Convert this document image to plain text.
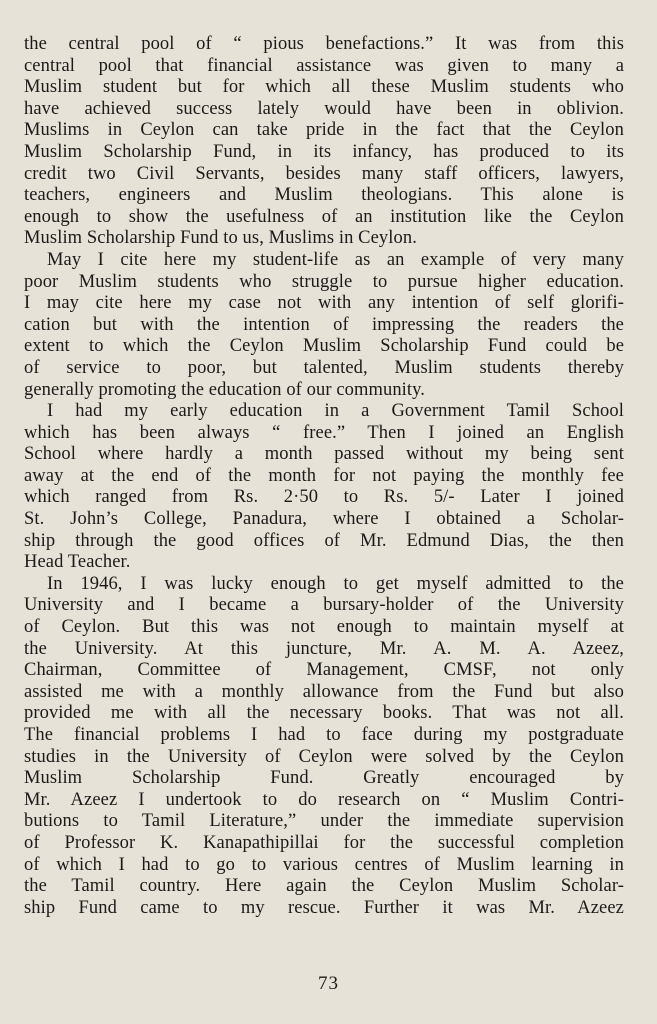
the central pool of “ pious benefactions.” It was from this
central pool that financial assistance was given to many a
Muslim student but for which all these Muslim students who
have achieved success lately would have been in oblivion.
Muslims in Ceylon can take pride in the fact that the Ceylon
Muslim Scholarship Fund, in its infancy, has produced to its
credit two Civil Servants, besides many staff officers, lawyers,
teachers, engineers and Muslim theologians. This alone is
enough to show the usefulness of an institution like the Ceylon
Muslim Scholarship Fund to us, Muslims in Ceylon.
May I cite here my student-life as an example of very many
poor Muslim students who struggle to pursue higher education.
I may cite here my case not with any intention of self glorifi-
cation but with the intention of impressing the readers the
extent to which the Ceylon Muslim Scholarship Fund could be
of service to poor, but talented, Muslim students thereby
generally promoting the education of our community.
I had my early education in a Government Tamil School
which has been always “ free.” Then I joined an English
School where hardly a month passed without my being sent
away at the end of the month for not paying the monthly fee
which ranged from Rs. 2·50 to Rs. 5/- Later I joined
St. John’s College, Panadura, where I obtained a Scholar-
ship through the good offices of Mr. Edmund Dias, the then
Head Teacher.
In 1946, I was lucky enough to get myself admitted to the
University and I became a bursary-holder of the University
of Ceylon. But this was not enough to maintain myself at
the University. At this juncture, Mr. A. M. A. Azeez,
Chairman, Committee of Management, CMSF, not only
assisted me with a monthly allowance from the Fund but also
provided me with all the necessary books. That was not all.
The financial problems I had to face during my postgraduate
studies in the University of Ceylon were solved by the Ceylon
Muslim Scholarship Fund. Greatly encouraged by
Mr. Azeez I undertook to do research on “ Muslim Contri-
butions to Tamil Literature,” under the immediate supervision
of Professor K. Kanapathipillai for the successful completion
of which I had to go to various centres of Muslim learning in
the Tamil country. Here again the Ceylon Muslim Scholar-
ship Fund came to my rescue. Further it was Mr. Azeez
73
